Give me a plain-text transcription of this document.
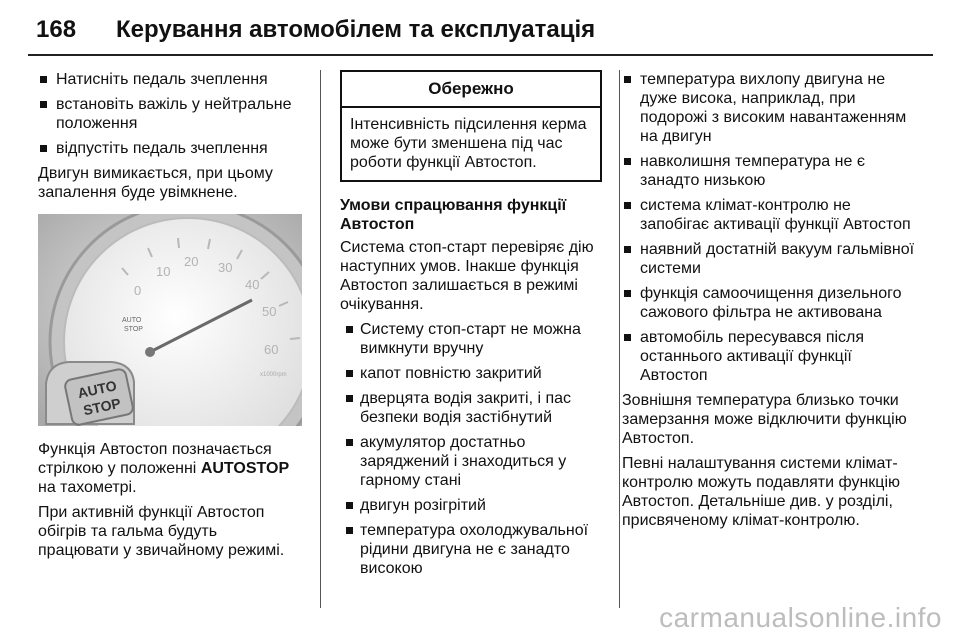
168 Керування автомобілем та експлуатація
Натисніть педаль зчеплення
встановіть важіль у нейтральне положення
відпустіть педаль зчеплення

Двигун вимикається, при цьому запалення буде увімкнене.

0
10
20 30
40
50
60
AUTO
STOP
x1000rpm
AUTO
STOP

Функція Автостоп позначається стрілкою у положенні AUTOSTOP на тахометрі.

При активній функції Автостоп обігрів та гальма будуть працювати у звичайному режимі.

Обережно
Інтенсивність підсилення керма може бути зменшена під час роботи функції Автостоп.
Умови спрацювання функції Автостоп

Система стоп-старт перевіряє дію наступних умов. Інакше функція Автостоп залишається в режимі очікування.

Систему стоп-старт не можна вимкнути вручну
капот повністю закритий
дверцята водія закриті, і пас безпеки водія застібнутий
акумулятор достатньо заряджений і знаходиться у гарному стані
двигун розігрітий
температура охолоджувальної рідини двигуна не є занадто високою
температура вихлопу двигуна не дуже висока, наприклад, при подорожі з високим навантаженням на двигун
навколишня температура не є занадто низькою
система клімат-контролю не запобігає активації функції Автостоп
наявний достатній вакуум гальмівної системи
функція самоочищення дизельного сажового фільтра не активована
автомобіль пересувався після останнього активації функції Автостоп

Зовнішня температура близько точки замерзання може відключити функцію Автостоп.

Певні налаштування системи клімат-контролю можуть подавляти функцію Автостоп. Детальніше див. у розділі, присвяченому клімат-контролю.

carmanualsonline.info
